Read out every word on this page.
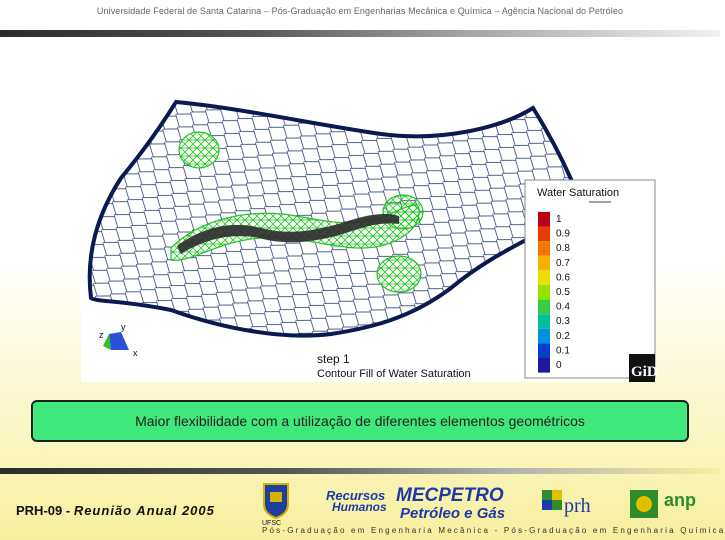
Universidade Federal de Santa Catarina – Pós-Graduação em Engenharias Mecânica e Química – Agência Nacional do Petróleo
Water Saturation
1
0.9
0.8
0.7
0.6
0.5
0.4
0.3
0.2
0.1
0
step 1
Contour Fill of Water Saturation
z
y
x
GiD
Maior flexibilidade com a utilização de diferentes elementos geométricos
PRH-09 - Reunião Anual 2005
UFSC
Recursos
Humanos
MECPETRO
Petróleo e Gás	prh	anp
Pós-Graduação em Engenharia Mecânica - Pós-Graduação em Engenharia Química
